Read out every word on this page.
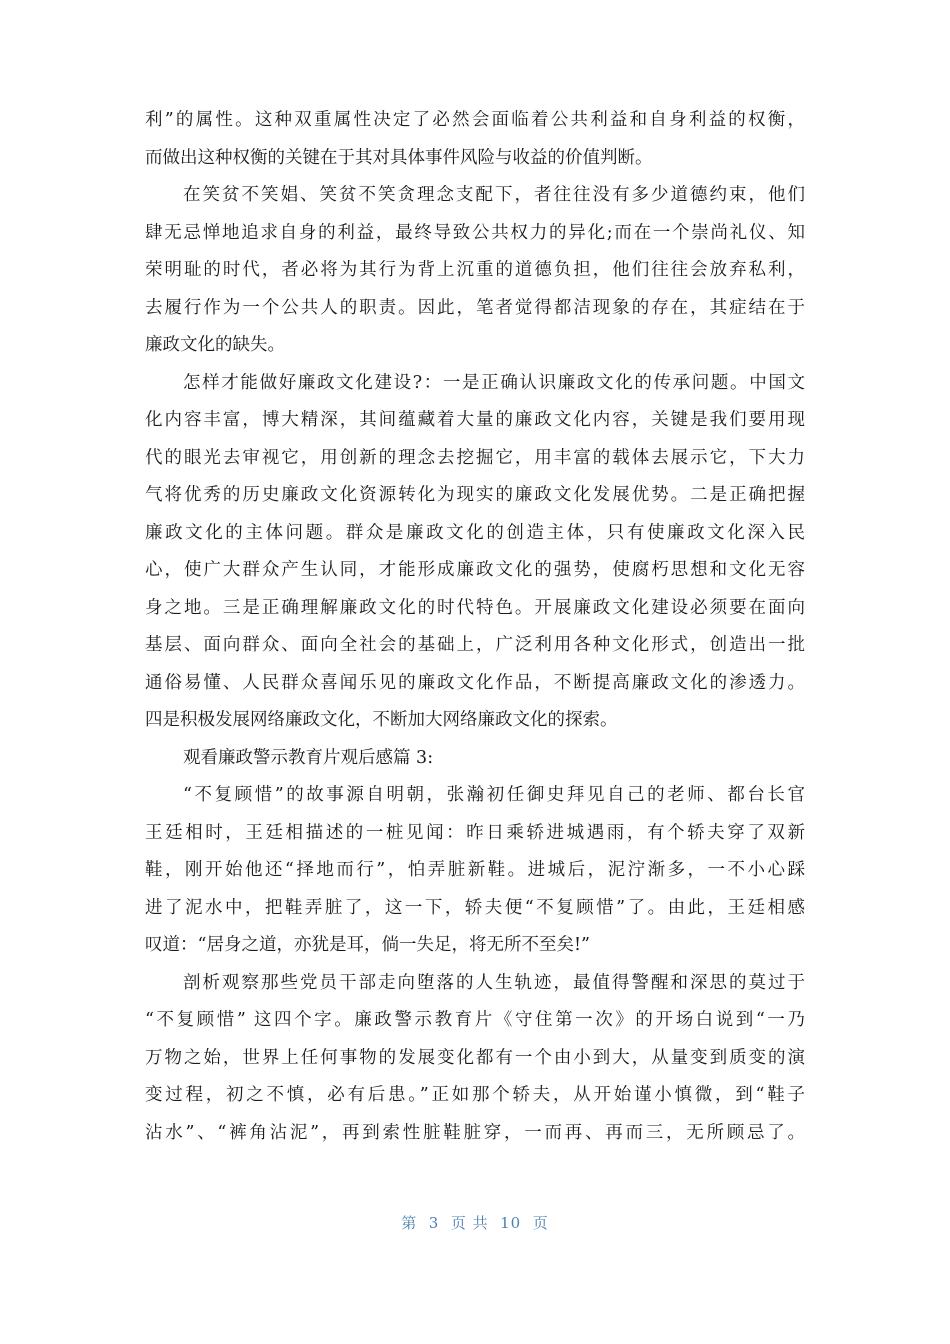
利”的属性。这种双重属性决定了必然会面临着公共利益和自身利益的权衡，
而做出这种权衡的关键在于其对具体事件风险与收益的价值判断。
在笑贫不笑娼、笑贫不笑贪理念支配下，者往往没有多少道德约束，他们
肆无忌惮地追求自身的利益，最终导致公共权力的异化;而在一个崇尚礼仪、知
荣明耻的时代，者必将为其行为背上沉重的道德负担，他们往往会放弃私利，
去履行作为一个公共人的职责。因此，笔者觉得都洁现象的存在，其症结在于
廉政文化的缺失。
怎样才能做好廉政文化建设?：一是正确认识廉政文化的传承问题。中国文
化内容丰富，博大精深，其间蕴藏着大量的廉政文化内容，关键是我们要用现
代的眼光去审视它，用创新的理念去挖掘它，用丰富的载体去展示它，下大力
气将优秀的历史廉政文化资源转化为现实的廉政文化发展优势。二是正确把握
廉政文化的主体问题。群众是廉政文化的创造主体，只有使廉政文化深入民
心，使广大群众产生认同，才能形成廉政文化的强势，使腐朽思想和文化无容
身之地。三是正确理解廉政文化的时代特色。开展廉政文化建设必须要在面向
基层、面向群众、面向全社会的基础上，广泛利用各种文化形式，创造出一批
通俗易懂、人民群众喜闻乐见的廉政文化作品，不断提高廉政文化的渗透力。
四是积极发展网络廉政文化，不断加大网络廉政文化的探索。
观看廉政警示教育片观后感篇 3:
“不复顾惜”的故事源自明朝，张瀚初任御史拜见自己的老师、都台长官
王廷相时，王廷相描述的一桩见闻：昨日乘轿进城遇雨，有个轿夫穿了双新
鞋，刚开始他还“择地而行”，怕弄脏新鞋。进城后，泥泞渐多，一不小心踩
进了泥水中，把鞋弄脏了，这一下，轿夫便“不复顾惜”了。由此，王廷相感
叹道：“居身之道，亦犹是耳，倘一失足，将无所不至矣!”
剖析观察那些党员干部走向堕落的人生轨迹，最值得警醒和深思的莫过于
“不复顾惜” 这四个字。廉政警示教育片《守住第一次》的开场白说到“一乃
万物之始，世界上任何事物的发展变化都有一个由小到大，从量变到质变的演
变过程，初之不慎，必有后患。”正如那个轿夫，从开始谨小慎微，到“鞋子
沾水”、“裤角沾泥”，再到索性脏鞋脏穿，一而再、再而三，无所顾忌了。
第  3  页 共  10  页
